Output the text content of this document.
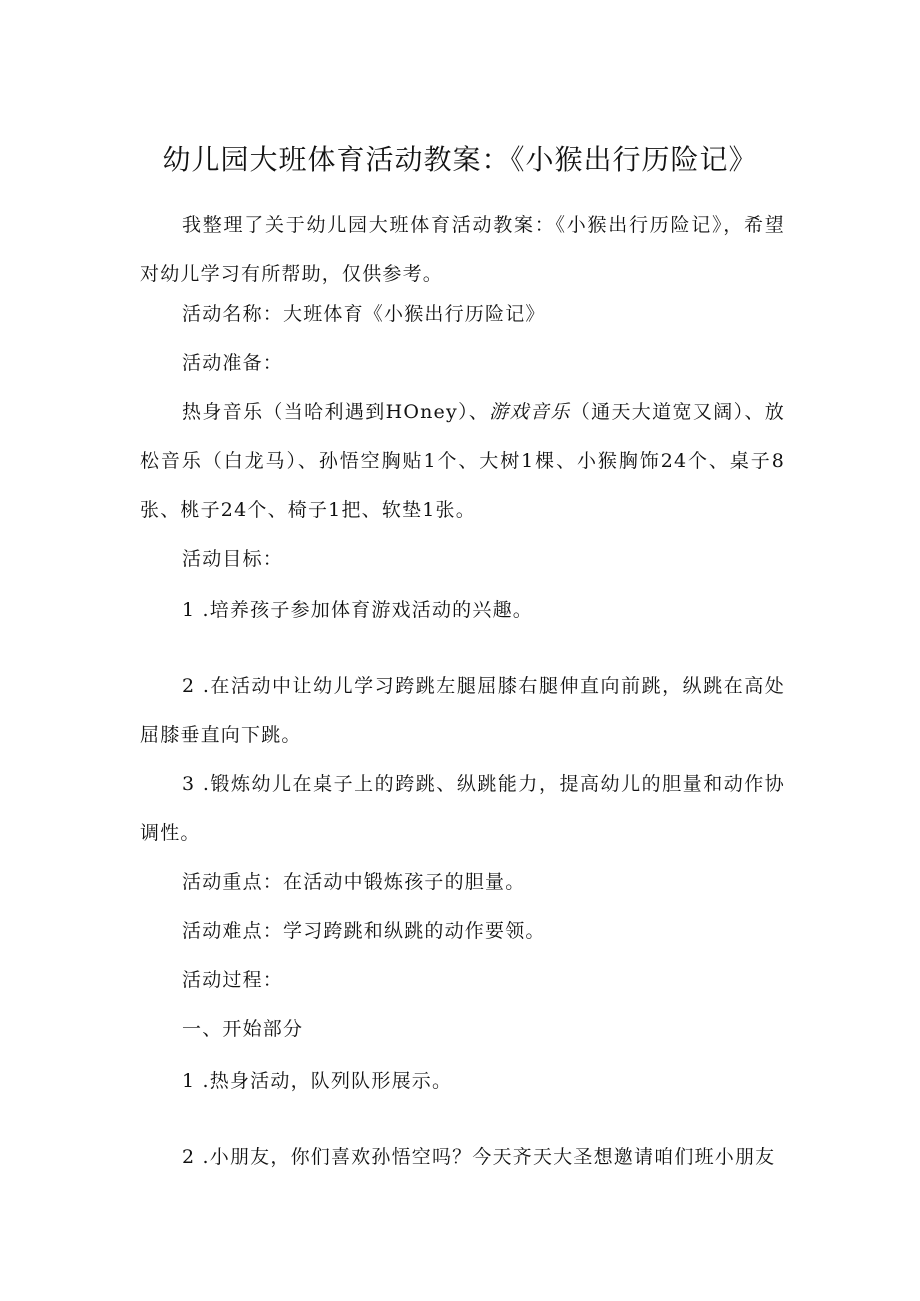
幼儿园大班体育活动教案：《小猴出行历险记》

我整理了关于幼儿园大班体育活动教案：《小猴出行历险记》，希望对幼儿学习有所帮助，仅供参考。

活动名称：大班体育《小猴出行历险记》

活动准备：

热身音乐（当哈利遇到HOney）、游戏音乐（通天大道宽又阔）、放松音乐（白龙马）、孙悟空胸贴1个、大树1棵、小猴胸饰24个、桌子8张、桃子24个、椅子1把、软垫1张。

活动目标：

1 .培养孩子参加体育游戏活动的兴趣。

2 .在活动中让幼儿学习跨跳左腿屈膝右腿伸直向前跳，纵跳在高处屈膝垂直向下跳。

3 .锻炼幼儿在桌子上的跨跳、纵跳能力，提高幼儿的胆量和动作协调性。

活动重点：在活动中锻炼孩子的胆量。

活动难点：学习跨跳和纵跳的动作要领。

活动过程：

一、开始部分

1 .热身活动，队列队形展示。

2 .小朋友，你们喜欢孙悟空吗？今天齐天大圣想邀请咱们班小朋友
